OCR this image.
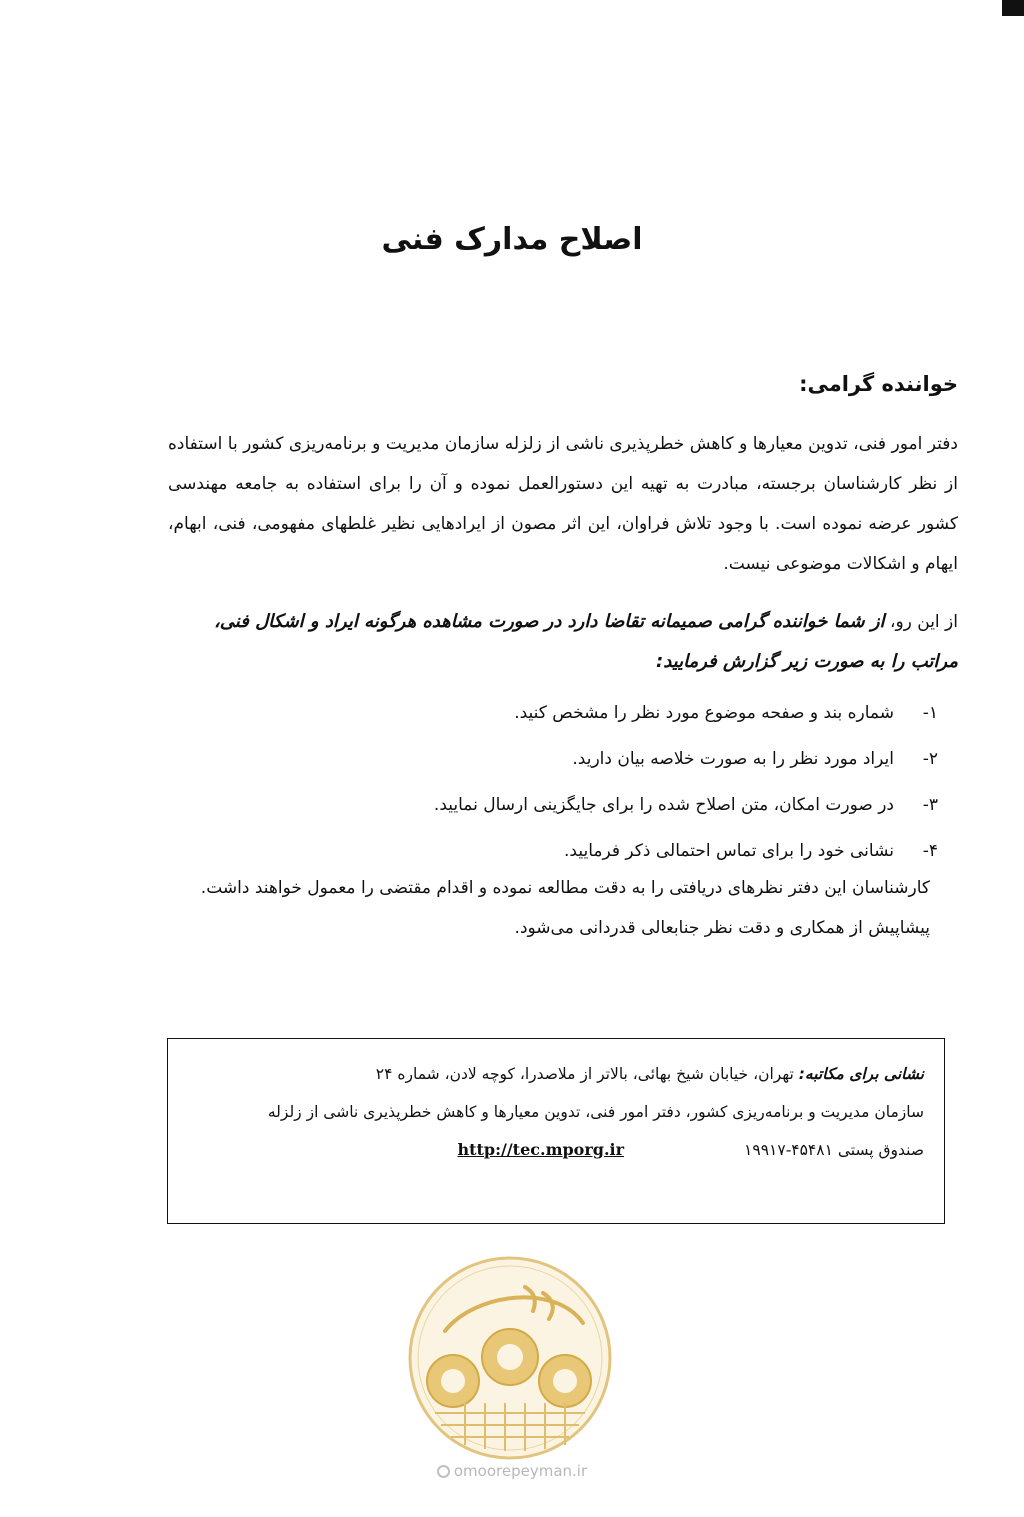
اصلاح مدارک فنی
خواننده گرامی:
دفتر امور فنی، تدوین معیارها و کاهش خطرپذیری ناشی از زلزله سازمان مدیریت و برنامه‌ریزی کشور با استفاده از نظر کارشناسان برجسته، مبادرت به تهیه این دستورالعمل نموده و آن را برای استفاده به جامعه مهندسی کشور عرضه نموده است. با وجود تلاش فراوان، این اثر مصون از ایرادهایی نظیر غلطهای مفهومی، فنی، ابهام، ایهام و اشکالات موضوعی نیست.
از این رو، از شما خواننده گرامی صمیمانه تقاضا دارد در صورت مشاهده هرگونه ایراد و اشکال فنی، مراتب را به صورت زیر گزارش فرمایید:
۱-شماره بند و صفحه موضوع مورد نظر را مشخص کنید.
۲-ایراد مورد نظر را به صورت خلاصه بیان دارید.
۳-در صورت امکان، متن اصلاح شده را برای جایگزینی ارسال نمایید.
۴-نشانی خود را برای تماس احتمالی ذکر فرمایید.
کارشناسان این دفتر نظرهای دریافتی را به دقت مطالعه نموده و اقدام مقتضی را معمول خواهند داشت.
پیشاپیش از همکاری و دقت نظر جنابعالی قدردانی می‌شود.
نشانی برای مکاتبه: تهران، خیابان شیخ بهائی، بالاتر از ملاصدرا، کوچه لادن، شماره ۲۴
سازمان مدیریت و برنامه‌ریزی کشور، دفتر امور فنی، تدوین معیارها و کاهش خطرپذیری ناشی از زلزله
صندوق پستی ۴۵۴۸۱-۱۹۹۱۷
http://tec.mporg.ir
omoorepeyman.ir
